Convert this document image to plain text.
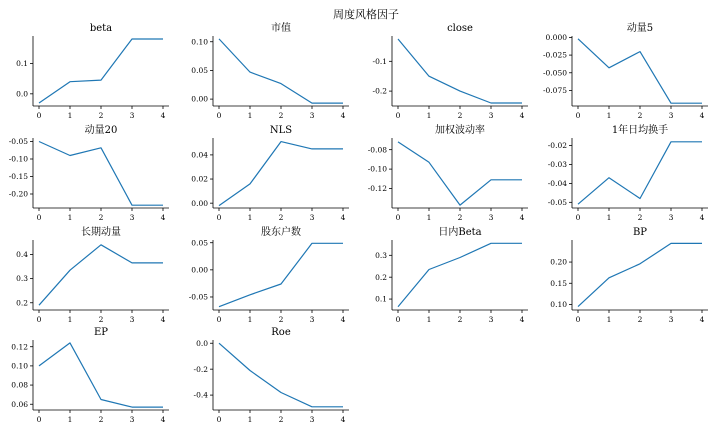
周度风格因子
beta
0	1	2	3	4
0.0
0.1
市值
0	1	2	3	4
0.00
0.05
0.10
close
0	1	2	3	4
-0.1
-0.2
动量5
0	1	2	3	4
0.000
-0.025
-0.050
-0.075
动量20
0	1	2	3	4
-0.05
-0.10
-0.15
-0.20
NLS
0	1	2	3	4
0.00
0.02
0.04
加权波动率
0	1	2	3	4
-0.08
-0.10
-0.12
1年日均换手
0	1	2	3	4
-0.02
-0.03
-0.04
-0.05
长期动量
0	1	2	3	4
0.2
0.3
0.4
股东户数
0	1	2	3	4
0.05
0.00
-0.05
日内Beta
0	1	2	3	4
0.1
0.2
0.3
BP
0	1	2	3	4
0.10
0.15
0.20
EP
0	1	2	3	4
0.06
0.08
0.10
0.12
Roe
0	1	2	3	4
0.0
-0.2
-0.4
